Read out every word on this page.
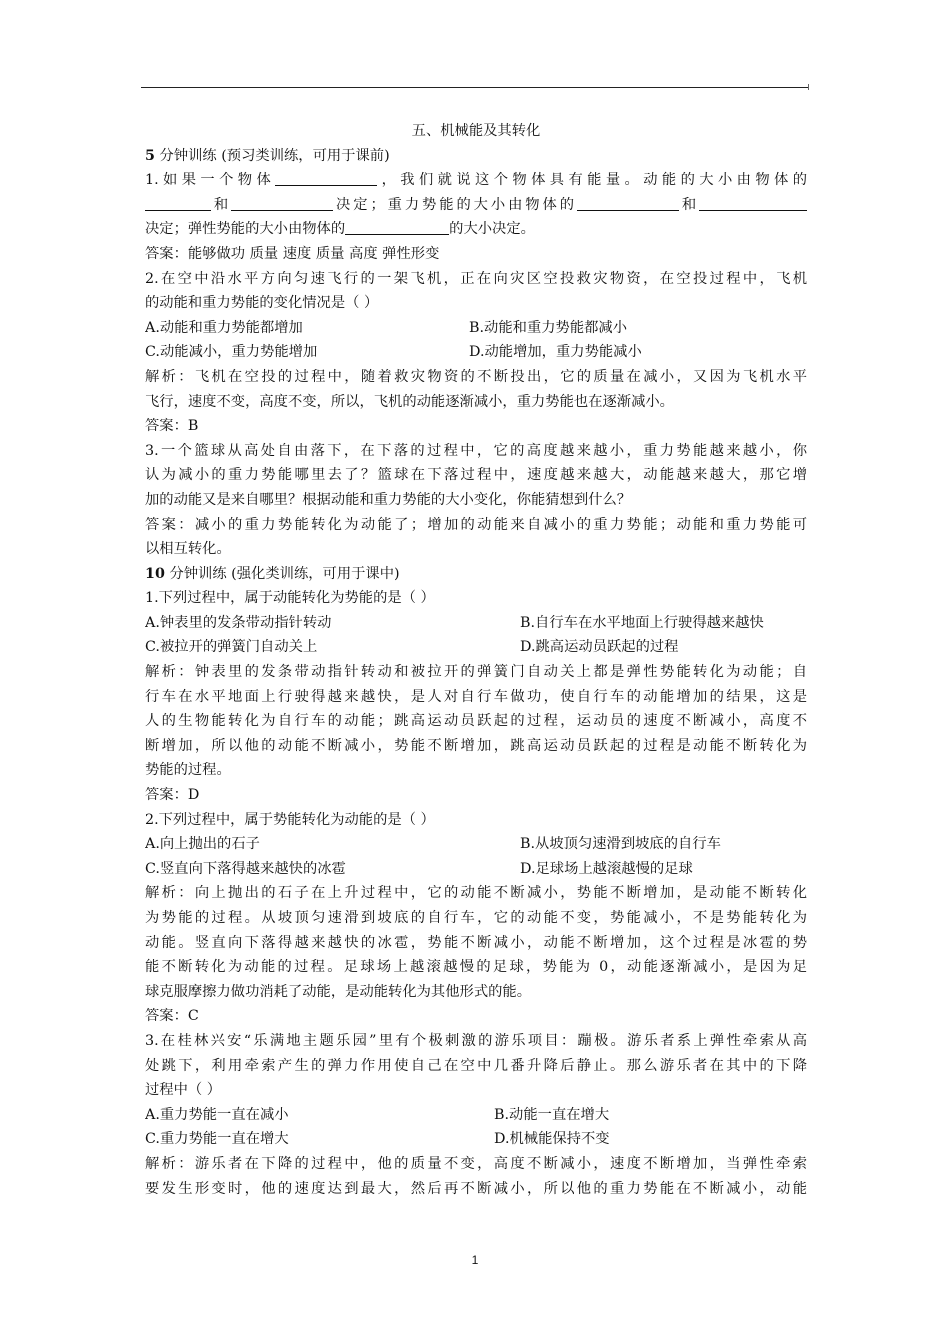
五、机械能及其转化
5 分钟训练 (预习类训练，可用于课前)
1.如果一个物体	，我们就说这个物体具有能量。动能的大小由物体的
和	决定；重力势能的大小由物体的	和
决定；弹性势能的大小由物体的	的大小决定。
答案：能够做功 质量 速度 质量 高度 弹性形变
2.在空中沿水平方向匀速飞行的一架飞机，正在向灾区空投救灾物资，在空投过程中，飞机
的动能和重力势能的变化情况是（ ）
A.动能和重力势能都增加	B.动能和重力势能都减小
C.动能减小，重力势能增加	D.动能增加，重力势能减小
解析：飞机在空投的过程中，随着救灾物资的不断投出，它的质量在减小，又因为飞机水平
飞行，速度不变，高度不变，所以，飞机的动能逐渐减小，重力势能也在逐渐减小。
答案：B
3.一个篮球从高处自由落下，在下落的过程中，它的高度越来越小，重力势能越来越小，你
认为减小的重力势能哪里去了？篮球在下落过程中，速度越来越大，动能越来越大，那它增
加的动能又是来自哪里？根据动能和重力势能的大小变化，你能猜想到什么？
答案：减小的重力势能转化为动能了；增加的动能来自减小的重力势能；动能和重力势能可
以相互转化。
10 分钟训练 (强化类训练，可用于课中)
1.下列过程中，属于动能转化为势能的是（ ）
A.钟表里的发条带动指针转动	B.自行车在水平地面上行驶得越来越快
C.被拉开的弹簧门自动关上	D.跳高运动员跃起的过程
解析：钟表里的发条带动指针转动和被拉开的弹簧门自动关上都是弹性势能转化为动能；自
行车在水平地面上行驶得越来越快，是人对自行车做功，使自行车的动能增加的结果，这是
人的生物能转化为自行车的动能；跳高运动员跃起的过程，运动员的速度不断减小，高度不
断增加，所以他的动能不断减小，势能不断增加，跳高运动员跃起的过程是动能不断转化为
势能的过程。
答案：D
2.下列过程中，属于势能转化为动能的是（ ）
A.向上抛出的石子	B.从坡顶匀速滑到坡底的自行车
C.竖直向下落得越来越快的冰雹	D.足球场上越滚越慢的足球
解析：向上抛出的石子在上升过程中，它的动能不断减小，势能不断增加，是动能不断转化
为势能的过程。从坡顶匀速滑到坡底的自行车，它的动能不变，势能减小，不是势能转化为
动能。竖直向下落得越来越快的冰雹，势能不断减小，动能不断增加，这个过程是冰雹的势
能不断转化为动能的过程。足球场上越滚越慢的足球，势能为 0，动能逐渐减小，是因为足
球克服摩擦力做功消耗了动能，是动能转化为其他形式的能。
答案：C
3.在桂林兴安“乐满地主题乐园”里有个极刺激的游乐项目：蹦极。游乐者系上弹性牵索从高
处跳下，利用牵索产生的弹力作用使自己在空中几番升降后静止。那么游乐者在其中的下降
过程中（ ）
A.重力势能一直在减小	B.动能一直在增大
C.重力势能一直在增大	D.机械能保持不变
解析：游乐者在下降的过程中，他的质量不变，高度不断减小，速度不断增加，当弹性牵索
要发生形变时，他的速度达到最大，然后再不断减小，所以他的重力势能在不断减小，动能
1
